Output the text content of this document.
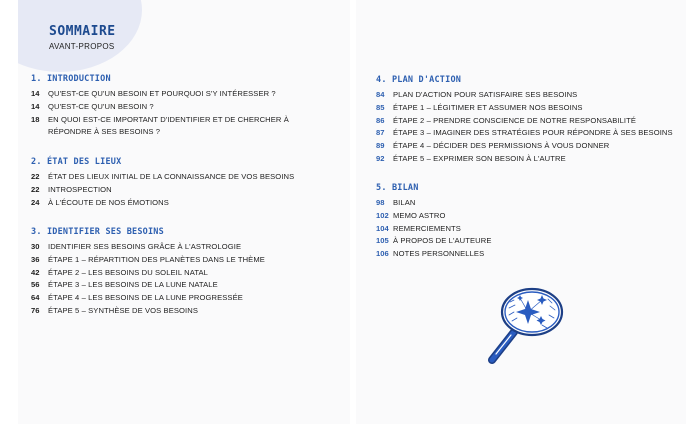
SOMMAIRE
AVANT-PROPOS
1. INTRODUCTION
14	QU'EST-CE QU'UN BESOIN ET POURQUOI S'Y INTÉRESSER ?
14	QU'EST-CE QU'UN BESOIN ?
18	EN QUOI EST-CE IMPORTANT D'IDENTIFIER ET DE CHERCHER À RÉPONDRE À SES BESOINS ?
2. ÉTAT DES LIEUX
22	ÉTAT DES LIEUX INITIAL DE LA CONNAISSANCE DE VOS BESOINS
22	INTROSPECTION
24	À L'ÉCOUTE DE NOS ÉMOTIONS
3. IDENTIFIER SES BESOINS
30	IDENTIFIER SES BESOINS GRÂCE À L'ASTROLOGIE
36	ÉTAPE 1 – RÉPARTITION DES PLANÈTES DANS LE THÈME
42	ÉTAPE 2 – LES BESOINS DU SOLEIL NATAL
56	ÉTAPE 3 – LES BESOINS DE LA LUNE NATALE
64	ÉTAPE 4 – LES BESOINS DE LA LUNE PROGRESSÉE
76	ÉTAPE 5 – SYNTHÈSE DE VOS BESOINS
4. PLAN D'ACTION
84	PLAN D'ACTION POUR SATISFAIRE SES BESOINS
85	ÉTAPE 1 – LÉGITIMER ET ASSUMER NOS BESOINS
86	ÉTAPE 2 – PRENDRE CONSCIENCE DE NOTRE RESPONSABILITÉ
87	ÉTAPE 3 – IMAGINER DES STRATÉGIES POUR RÉPONDRE À SES BESOINS
89	ÉTAPE 4 – DÉCIDER DES PERMISSIONS À VOUS DONNER
92	ÉTAPE 5 – EXPRIMER SON BESOIN À L'AUTRE
5. BILAN
98	BILAN
102 MEMO ASTRO
104 REMERCIEMENTS
105 À PROPOS DE L'AUTEURE
106 NOTES PERSONNELLES
